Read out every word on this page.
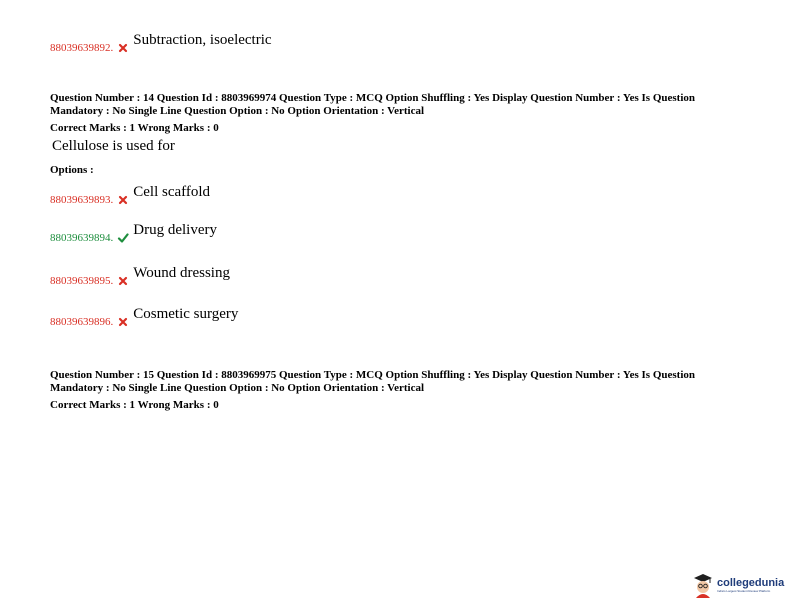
88039639892. Subtraction, isoelectric
Question Number : 14 Question Id : 8803969974 Question Type : MCQ Option Shuffling : Yes Display Question Number : Yes Is Question Mandatory : No Single Line Question Option : No Option Orientation : Vertical
Correct Marks : 1 Wrong Marks : 0
Cellulose is used for
Options :
88039639893. Cell scaffold
88039639894. Drug delivery
88039639895. Wound dressing
88039639896. Cosmetic surgery
Question Number : 15 Question Id : 8803969975 Question Type : MCQ Option Shuffling : Yes Display Question Number : Yes Is Question Mandatory : No Single Line Question Option : No Option Orientation : Vertical
Correct Marks : 1 Wrong Marks : 0
collegedunia
India's Largest Student Review Platform
